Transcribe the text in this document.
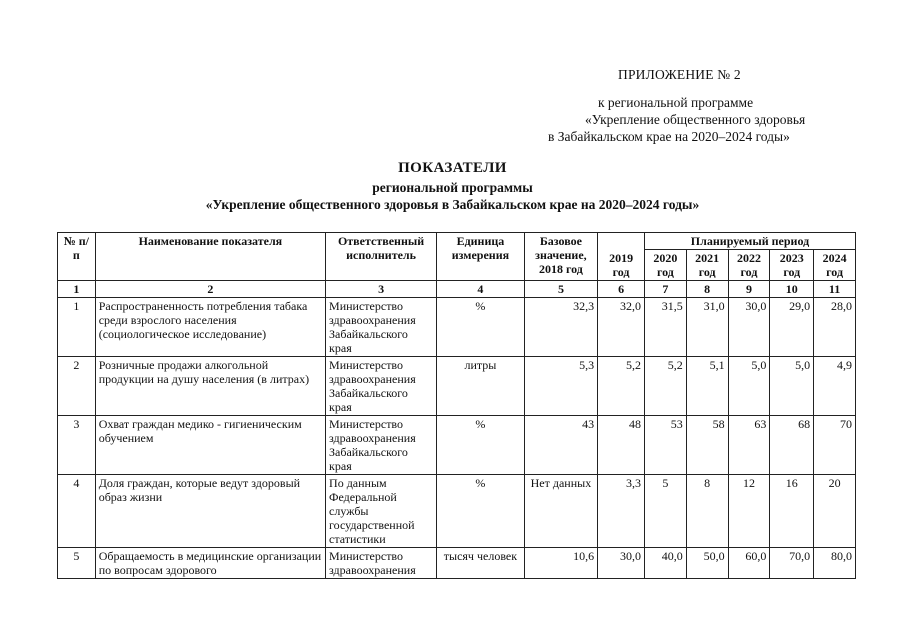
ПРИЛОЖЕНИЕ № 2
к региональной программе
«Укрепление общественного здоровья
в Забайкальском крае на 2020–2024 годы»
ПОКАЗАТЕЛИ
региональной программы
«Укрепление общественного здоровья в Забайкальском крае на 2020–2024 годы»
№ п/п	Наименование показателя	Ответственный исполнитель	Единица измерения	Базовое значение, 2018 год	2019 год	Планируемый период				
						2020 год	2021 год	2022 год	2023 год	2024 год
1	2	3	4	5	6	7	8	9	10	11
1	Распространенность потребления табака среди взрослого населения (социологическое исследование)	Министерство здравоохранения Забайкальского края	%	32,3	32,0	31,5	31,0	30,0	29,0	28,0
2	Розничные продажи алкогольной продукции на душу населения (в литрах)	Министерство здравоохранения Забайкальского края	литры	5,3	5,2	5,2	5,1	5,0	5,0	4,9
3	Охват граждан медико - гигиеническим обучением	Министерство здравоохранения Забайкальского края	%	43	48	53	58	63	68	70
4	Доля граждан, которые ведут здоровый образ жизни	По данным Федеральной службы государственной статистики	%	Нет данных	3,3	5	8	12	16	20
5	Обращаемость в медицинские организации по вопросам здорового	Министерство здравоохранения	тысяч человек	10,6	30,0	40,0	50,0	60,0	70,0	80,0
